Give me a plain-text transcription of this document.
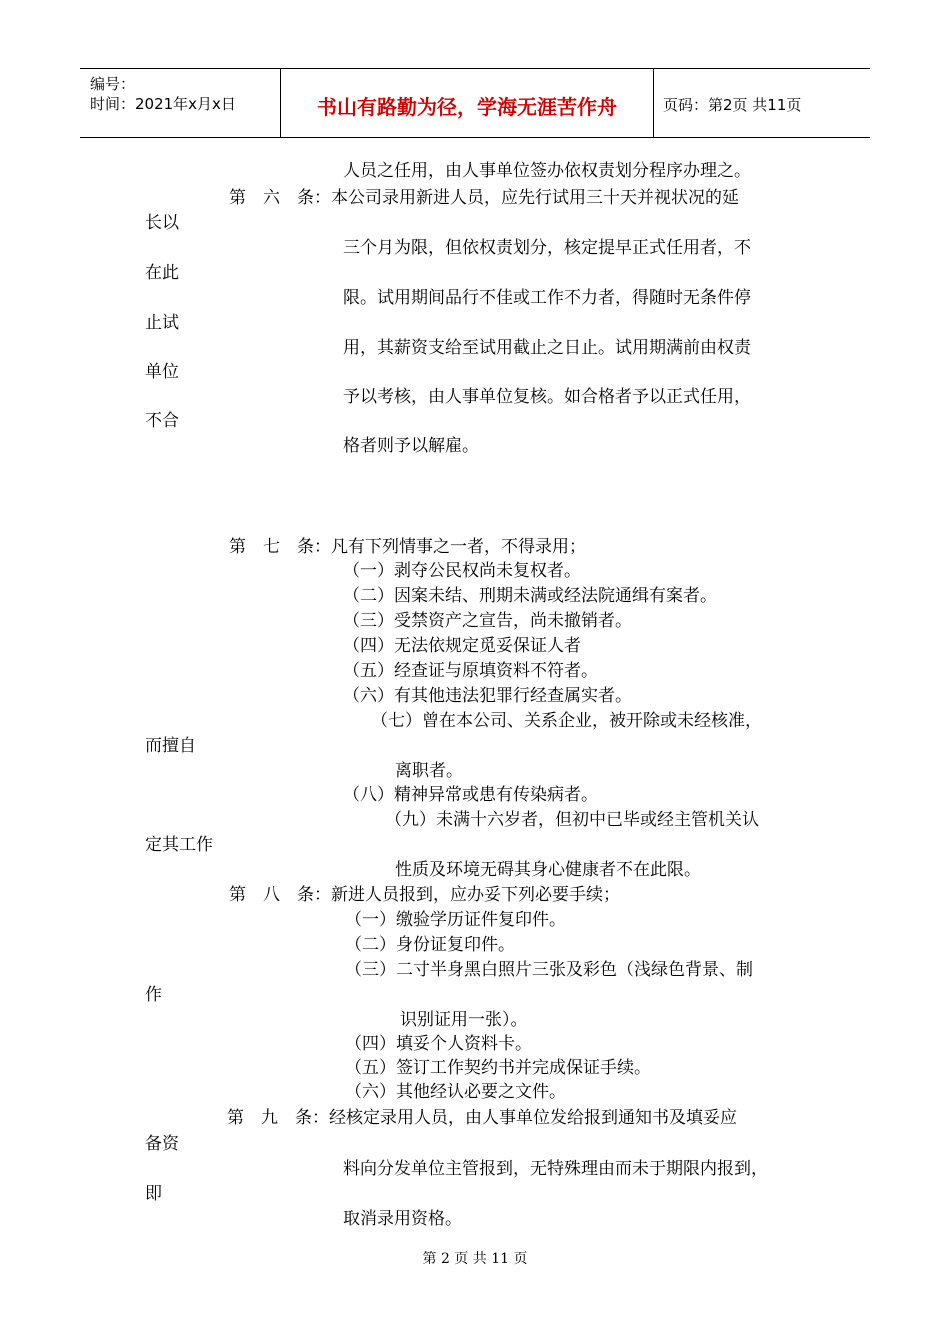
编号：
时间：2021年x月x日	书山有路勤为径，学海无涯苦作舟	页码：第2页 共11页
人员之任用，由人事单位签办依权责划分程序办理之。
第　六　条：本公司录用新进人员，应先行试用三十天并视状况的延
长以
三个月为限，但依权责划分，核定提早正式任用者，不
在此
限。试用期间品行不佳或工作不力者，得随时无条件停
止试
用，其薪资支给至试用截止之日止。试用期满前由权责
单位
予以考核，由人事单位复核。如合格者予以正式任用，
不合
格者则予以解雇。
第　七　条：凡有下列情事之一者，不得录用；
（一）剥夺公民权尚未复权者。
（二）因案未结、刑期未满或经法院通缉有案者。
（三）受禁资产之宣告，尚未撤销者。
（四）无法依规定觅妥保证人者
（五）经查证与原填资料不符者。
（六）有其他违法犯罪行经查属实者。
（七）曾在本公司、关系企业，被开除或未经核准，
而擅自
离职者。
（八）精神异常或患有传染病者。
（九）未满十六岁者，但初中已毕或经主管机关认
定其工作
性质及环境无碍其身心健康者不在此限。
第　八　条：新进人员报到，应办妥下列必要手续；
（一）缴验学历证件复印件。
（二）身份证复印件。
（三）二寸半身黑白照片三张及彩色（浅绿色背景、制
作
识别证用一张）。
（四）填妥个人资料卡。
（五）签订工作契约书并完成保证手续。
（六）其他经认必要之文件。
第　九　条：经核定录用人员，由人事单位发给报到通知书及填妥应
备资
料向分发单位主管报到，无特殊理由而未于期限内报到，
即
取消录用资格。
第 2 页 共 11 页
